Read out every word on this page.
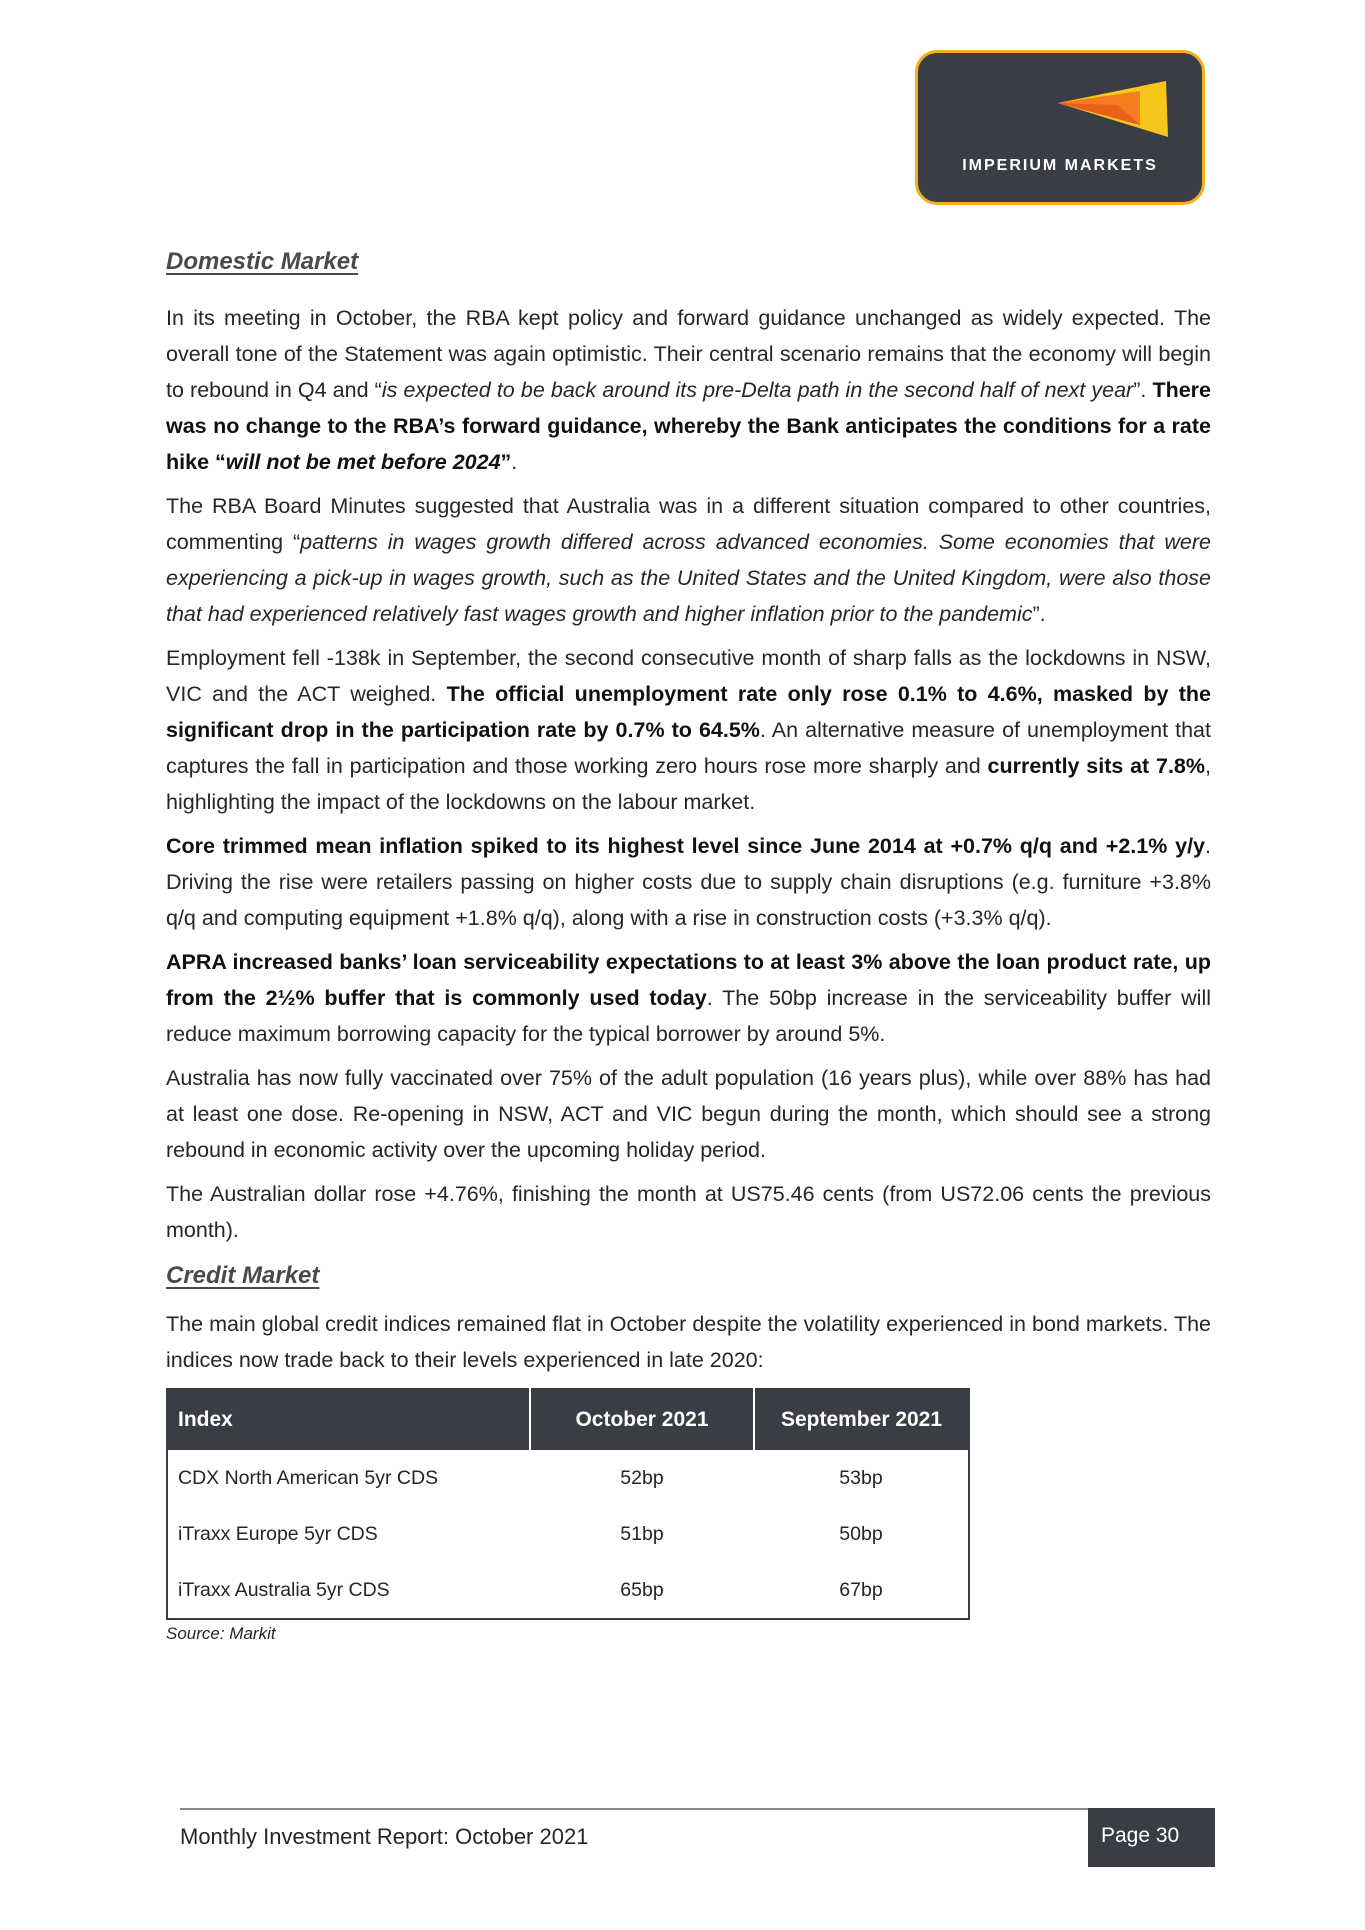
IMPERIUM MARKETS
Domestic Market

In its meeting in October, the RBA kept policy and forward guidance unchanged as widely expected. The overall tone of the Statement was again optimistic. Their central scenario remains that the economy will begin to rebound in Q4 and “is expected to be back around its pre-Delta path in the second half of next year”. There was no change to the RBA’s forward guidance, whereby the Bank anticipates the conditions for a rate hike “will not be met before 2024”.

The RBA Board Minutes suggested that Australia was in a different situation compared to other countries, commenting “patterns in wages growth differed across advanced economies. Some economies that were experiencing a pick-up in wages growth, such as the United States and the United Kingdom, were also those that had experienced relatively fast wages growth and higher inflation prior to the pandemic”.

Employment fell -138k in September, the second consecutive month of sharp falls as the lockdowns in NSW, VIC and the ACT weighed. The official unemployment rate only rose 0.1% to 4.6%, masked by the significant drop in the participation rate by 0.7% to 64.5%. An alternative measure of unemployment that captures the fall in participation and those working zero hours rose more sharply and currently sits at 7.8%, highlighting the impact of the lockdowns on the labour market.

Core trimmed mean inflation spiked to its highest level since June 2014 at +0.7% q/q and +2.1% y/y. Driving the rise were retailers passing on higher costs due to supply chain disruptions (e.g. furniture +3.8% q/q and computing equipment +1.8% q/q), along with a rise in construction costs (+3.3% q/q).

APRA increased banks’ loan serviceability expectations to at least 3% above the loan product rate, up from the 2½% buffer that is commonly used today. The 50bp increase in the serviceability buffer will reduce maximum borrowing capacity for the typical borrower by around 5%.

Australia has now fully vaccinated over 75% of the adult population (16 years plus), while over 88% has had at least one dose. Re-opening in NSW, ACT and VIC begun during the month, which should see a strong rebound in economic activity over the upcoming holiday period.

The Australian dollar rose +4.76%, finishing the month at US75.46 cents (from US72.06 cents the previous month).

Credit Market

The main global credit indices remained flat in October despite the volatility experienced in bond markets. The indices now trade back to their levels experienced in late 2020:

Index	October 2021	September 2021
CDX North American 5yr CDS	52bp	53bp
iTraxx Europe 5yr CDS	51bp	50bp
iTraxx Australia 5yr CDS	65bp	67bp
Source: Markit
Monthly Investment Report: October 2021	Page 30
